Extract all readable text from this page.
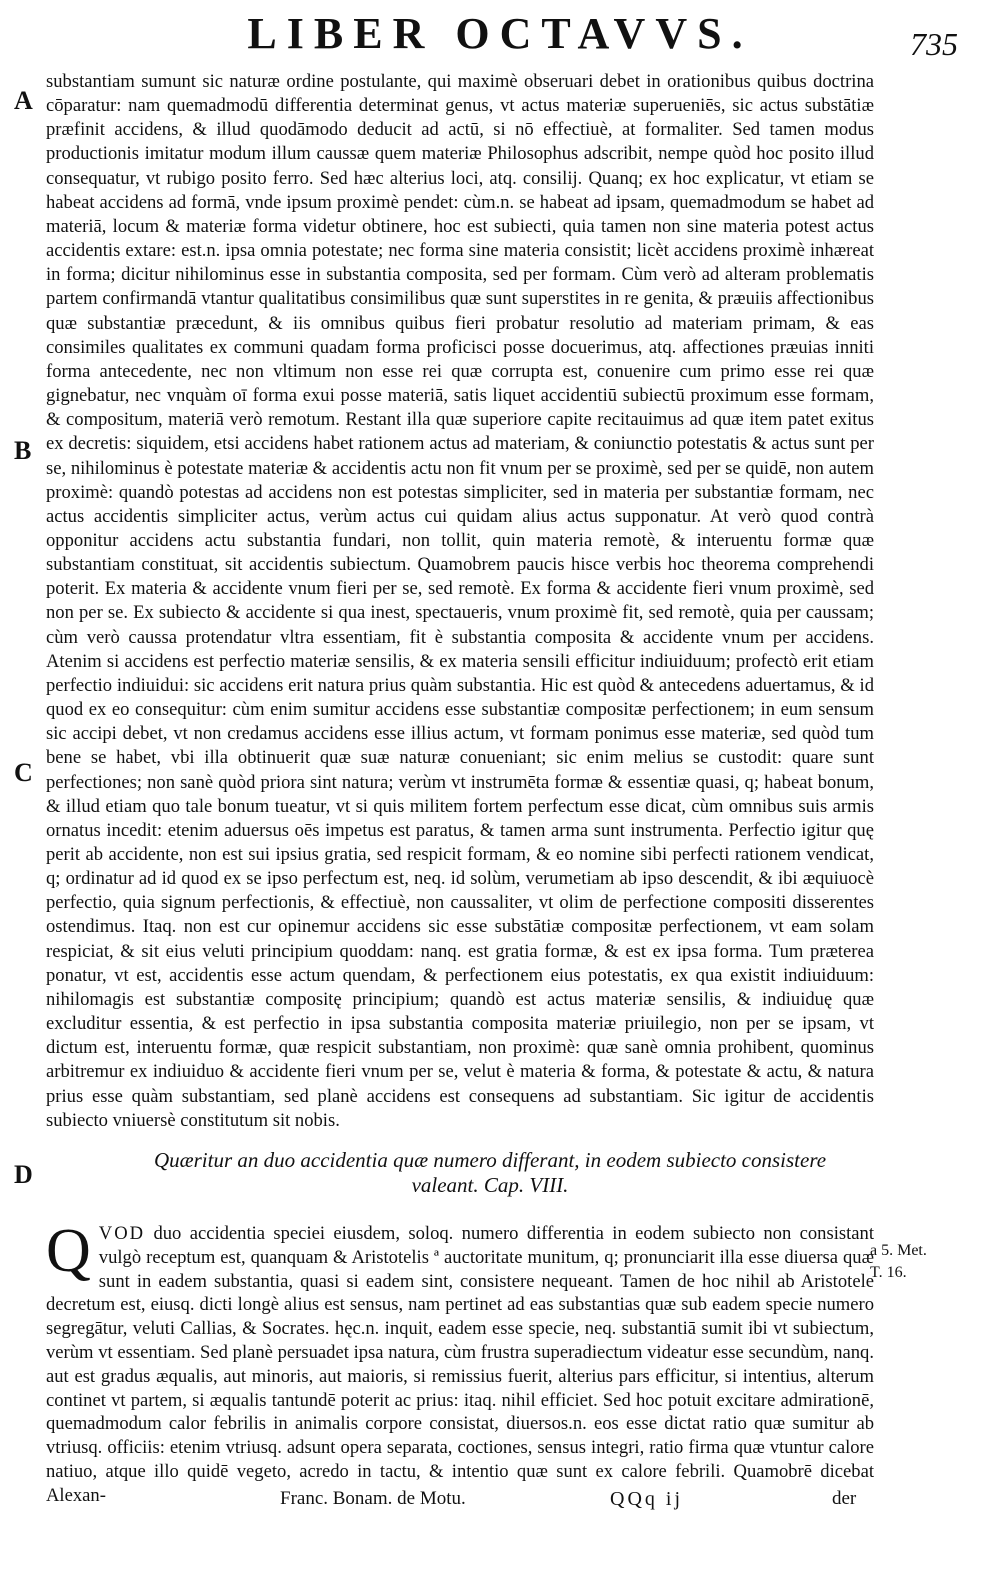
LIBER OCTAVVS.	735
A
B
C
D

substantiam sumunt sic naturæ ordine postulante, qui maximè obseruari debet in orationibus quibus doctrina cōparatur: nam quemadmodū differentia determinat genus, vt actus materiæ superueniēs, sic actus substātiæ præfinit accidens, & illud quodāmodo deducit ad actū, si nō effectiuè, at formaliter. Sed tamen modus productionis imitatur modum illum caussæ quem materiæ Philosophus adscribit, nempe quòd hoc posito illud consequatur, vt rubigo posito ferro. Sed hæc alterius loci, atq. consilij. Quanq; ex hoc explicatur, vt etiam se habeat accidens ad formā, vnde ipsum proximè pendet: cùm.n. se habeat ad ipsam, quemadmodum se habet ad materiā, locum & materiæ forma videtur obtinere, hoc est subiecti, quia tamen non sine materia potest actus accidentis extare: est.n. ipsa omnia potestate; nec forma sine materia consistit; licèt accidens proximè inhæreat in forma; dicitur nihilominus esse in substantia composita, sed per formam. Cùm verò ad alteram problematis partem confirmandā vtantur qualitatibus consimilibus quæ sunt superstites in re genita, & præuiis affectionibus quæ substantiæ præcedunt, & iis omnibus quibus fieri probatur resolutio ad materiam primam, & eas consimiles qualitates ex communi quadam forma proficisci posse docuerimus, atq. affectiones præuias inniti forma antecedente, nec non vltimum non esse rei quæ corrupta est, conuenire cum primo esse rei quæ gignebatur, nec vnquàm oī forma exui posse materiā, satis liquet accidentiū subiectū proximum esse formam, & compositum, materiā verò remotum. Restant illa quæ superiore capite recitauimus ad quæ item patet exitus ex decretis: siquidem, etsi accidens habet rationem actus ad materiam, & coniunctio potestatis & actus sunt per se, nihilominus è potestate materiæ & accidentis actu non fit vnum per se proximè, sed per se quidē, non autem proximè: quandò potestas ad accidens non est potestas simpliciter, sed in materia per substantiæ formam, nec actus accidentis simpliciter actus, verùm actus cui quidam alius actus supponatur. At verò quod contrà opponitur accidens actu substantia fundari, non tollit, quin materia remotè, & interuentu formæ quæ substantiam constituat, sit accidentis subiectum. Quamobrem paucis hisce verbis hoc theorema comprehendi poterit. Ex materia & accidente vnum fieri per se, sed remotè. Ex forma & accidente fieri vnum proximè, sed non per se. Ex subiecto & accidente si qua inest, spectaueris, vnum proximè fit, sed remotè, quia per caussam; cùm verò caussa protendatur vltra essentiam, fit è substantia composita & accidente vnum per accidens. Atenim si accidens est perfectio materiæ sensilis, & ex materia sensili efficitur indiuiduum; profectò erit etiam perfectio indiuidui: sic accidens erit natura prius quàm substantia. Hic est quòd & antecedens aduertamus, & id quod ex eo consequitur: cùm enim sumitur accidens esse substantiæ compositæ perfectionem; in eum sensum sic accipi debet, vt non credamus accidens esse illius actum, vt formam ponimus esse materiæ, sed quòd tum bene se habet, vbi illa obtinuerit quæ suæ naturæ conueniant; sic enim melius se custodit: quare sunt perfectiones; non sanè quòd priora sint natura; verùm vt instrumēta formæ & essentiæ quasi, q; habeat bonum, & illud etiam quo tale bonum tueatur, vt si quis militem fortem perfectum esse dicat, cùm omnibus suis armis ornatus incedit: etenim aduersus oēs impetus est paratus, & tamen arma sunt instrumenta. Perfectio igitur quę perit ab accidente, non est sui ipsius gratia, sed respicit formam, & eo nomine sibi perfecti rationem vendicat, q; ordinatur ad id quod ex se ipso perfectum est, neq. id solùm, verumetiam ab ipso descendit, & ibi æquiuocè perfectio, quia signum perfectionis, & effectiuè, non caussaliter, vt olim de perfectione compositi disserentes ostendimus. Itaq. non est cur opinemur accidens sic esse substātiæ compositæ perfectionem, vt eam solam respiciat, & sit eius veluti principium quoddam: nanq. est gratia formæ, & est ex ipsa forma. Tum præterea ponatur, vt est, accidentis esse actum quendam, & perfectionem eius potestatis, ex qua existit indiuiduum: nihilomagis est substantiæ compositę principium; quandò est actus materiæ sensilis, & indiuiduę quæ excluditur essentia, & est perfectio in ipsa substantia composita materiæ priuilegio, non per se ipsam, vt dictum est, interuentu formæ, quæ respicit substantiam, non proximè: quæ sanè omnia prohibent, quominus arbitremur ex indiuiduo & accidente fieri vnum per se, velut è materia & forma, & potestate & actu, & natura prius esse quàm substantiam, sed planè accidens est consequens ad substantiam. Sic igitur de accidentis subiecto vniuersè constitutum sit nobis.

Quæritur an duo accidentia quæ numero differant, in eodem subiecto consistere
valeant. Cap. VIII.
Q VOD duo accidentia speciei eiusdem, soloq. numero differentia in eodem subiecto non consistant vulgò receptum est, quanquam & Aristotelis ª auctoritate munitum, q; pronunciarit illa esse diuersa quæ sunt in eadem substantia, quasi si eadem sint, consistere nequeant. Tamen de hoc nihil ab Aristotele decretum est, eiusq. dicti longè alius est sensus, nam pertinet ad eas substantias quæ sub eadem specie numero segregātur, veluti Callias, & Socrates. hęc.n. inquit, eadem esse specie, neq. substantiā sumit ibi vt subiectum, verùm vt essentiam. Sed planè persuadet ipsa natura, cùm frustra superadiectum videatur esse secundùm, nanq. aut est gradus æqualis, aut minoris, aut maioris, si remissius fuerit, alterius pars efficitur, si intentius, alterum continet vt partem, si æqualis tantundē poterit ac prius: itaq. nihil efficiet. Sed hoc potuit excitare admirationē, quemadmodum calor febrilis in animalis corpore consistat, diuersos.n. eos esse dictat ratio quæ sumitur ab vtriusq. officiis: etenim vtriusq. adsunt opera separata, coctiones, sensus integri, ratio firma quæ vtuntur calore natiuo, atque illo quidē vegeto, acredo in tactu, & intentio quæ sunt ex calore febrili. Quamobrē dicebat Alexan-
a 5. Met.
T. 16.
Franc. Bonam. de Motu.	QQq ij	der
